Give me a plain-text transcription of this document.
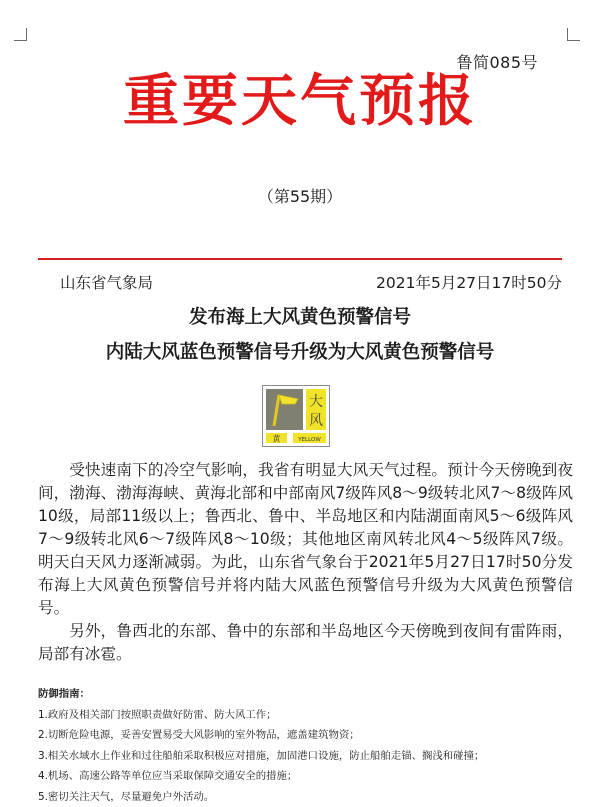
鲁简085号
重要天气预报
（第55期）
山东省气象局	2021年5月27日17时50分
发布海上大风黄色预警信号
内陆大风蓝色预警信号升级为大风黄色预警信号
大
风
黄	YELLOW

受快速南下的冷空气影响，我省有明显大风天气过程。预计今天傍晚到夜间，渤海、渤海海峡、黄海北部和中部南风7级阵风8～9级转北风7～8级阵风10级，局部11级以上；鲁西北、鲁中、半岛地区和内陆湖面南风5～6级阵风7～9级转北风6～7级阵风8～10级；其他地区南风转北风4～5级阵风7级。明天白天风力逐渐减弱。为此，山东省气象台于2021年5月27日17时50分发布海上大风黄色预警信号并将内陆大风蓝色预警信号升级为大风黄色预警信号。

另外，鲁西北的东部、鲁中的东部和半岛地区今天傍晚到夜间有雷阵雨，局部有冰雹。

防御指南：
1.政府及相关部门按照职责做好防雷、防大风工作；
2.切断危险电源，妥善安置易受大风影响的室外物品，遮盖建筑物资；
3.相关水域水上作业和过往船舶采取积极应对措施，加固港口设施，防止船舶走锚、搁浅和碰撞；
4.机场、高速公路等单位应当采取保障交通安全的措施；
5.密切关注天气，尽量避免户外活动。
